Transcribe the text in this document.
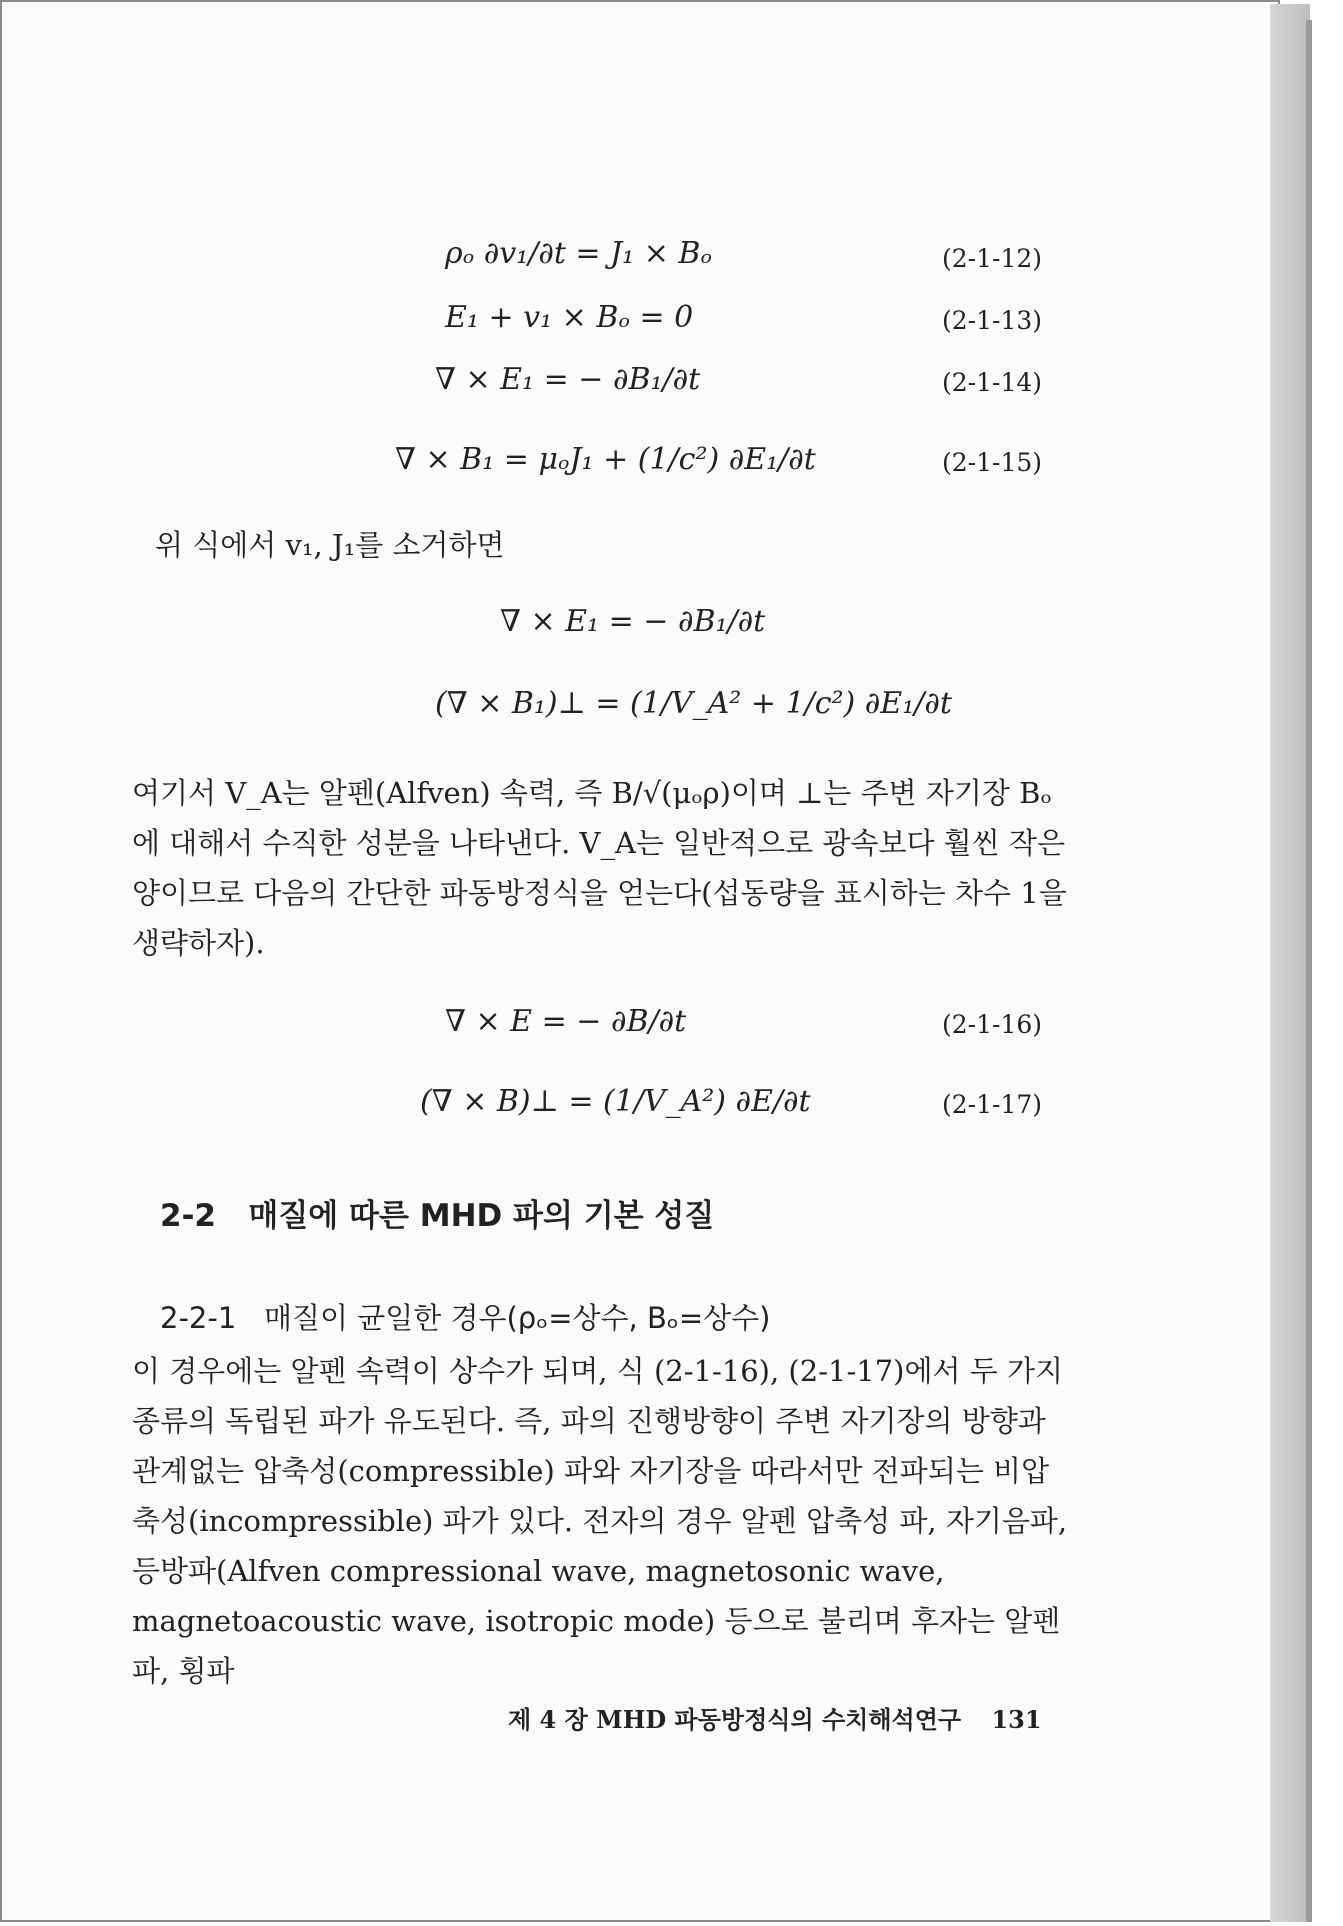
ρₒ ∂v₁/∂t = J₁ × Bₒ	(2-1-12)
E₁ + v₁ × Bₒ = 0	(2-1-13)
∇ × E₁ = − ∂B₁/∂t	(2-1-14)
∇ × B₁ = μₒJ₁ + (1/c²) ∂E₁/∂t	(2-1-15)
위 식에서 v₁, J₁를 소거하면
∇ × E₁ = − ∂B₁/∂t
(∇ × B₁)⊥ = (1/V_A² + 1/c²) ∂E₁/∂t
여기서 V_A는 알펜(Alfven) 속력, 즉 B/√(μₒρ)이며 ⊥는 주변 자기장 Bₒ에 대해서 수직한 성분을 나타낸다. V_A는 일반적으로 광속보다 훨씬 작은 양이므로 다음의 간단한 파동방정식을 얻는다(섭동량을 표시하는 차수 1을 생략하자).
∇ × E = − ∂B/∂t	(2-1-16)
(∇ × B)⊥ = (1/V_A²) ∂E/∂t	(2-1-17)
2-2 매질에 따른 MHD 파의 기본 성질
2-2-1 매질이 균일한 경우(ρₒ=상수, Bₒ=상수)
이 경우에는 알펜 속력이 상수가 되며, 식 (2-1-16), (2-1-17)에서 두 가지 종류의 독립된 파가 유도된다. 즉, 파의 진행방향이 주변 자기장의 방향과 관계없는 압축성(compressible) 파와 자기장을 따라서만 전파되는 비압축성(incompressible) 파가 있다. 전자의 경우 알펜 압축성 파, 자기음파, 등방파(Alfven compressional wave, magnetosonic wave, magnetoacoustic wave, isotropic mode) 등으로 불리며 후자는 알펜파, 횡파
제 4 장 MHD 파동방정식의 수치해석연구 131
